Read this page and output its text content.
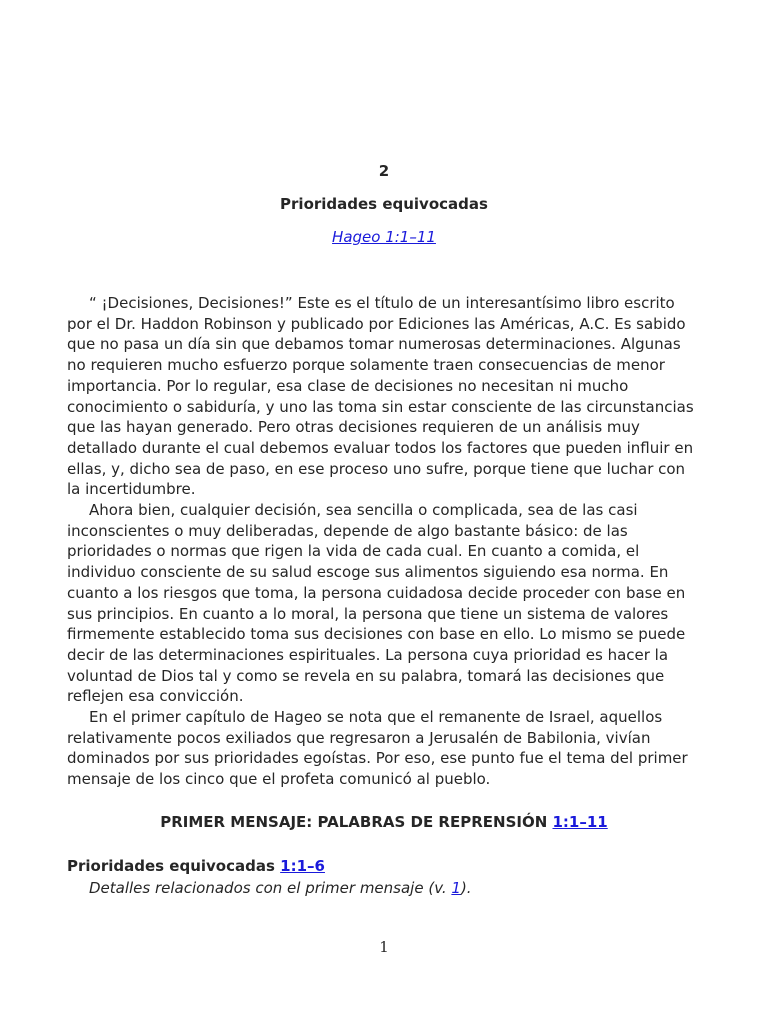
2
Prioridades equivocadas
Hageo 1:1–11

“ ¡Decisiones, Decisiones!” Este es el título de un interesantísimo libro escrito por el Dr. Haddon Robinson y publicado por Ediciones las Américas, A.C. Es sabido que no pasa un día sin que debamos tomar numerosas determinaciones. Algunas no requieren mucho esfuerzo porque solamente traen consecuencias de menor importancia. Por lo regular, esa clase de decisiones no necesitan ni mucho conocimiento o sabiduría, y uno las toma sin estar consciente de las circunstancias que las hayan generado. Pero otras decisiones requieren de un análisis muy detallado durante el cual debemos evaluar todos los factores que pueden influir en ellas, y, dicho sea de paso, en ese proceso uno sufre, porque tiene que luchar con la incertidumbre.

Ahora bien, cualquier decisión, sea sencilla o complicada, sea de las casi inconscientes o muy deliberadas, depende de algo bastante básico: de las prioridades o normas que rigen la vida de cada cual. En cuanto a comida, el individuo consciente de su salud escoge sus alimentos siguiendo esa norma. En cuanto a los riesgos que toma, la persona cuidadosa decide proceder con base en sus principios. En cuanto a lo moral, la persona que tiene un sistema de valores firmemente establecido toma sus decisiones con base en ello. Lo mismo se puede decir de las determinaciones espirituales. La persona cuya prioridad es hacer la voluntad de Dios tal y como se revela en su palabra, tomará las decisiones que reflejen esa convicción.

En el primer capítulo de Hageo se nota que el remanente de Israel, aquellos relativamente pocos exiliados que regresaron a Jerusalén de Babilonia, vivían dominados por sus prioridades egoístas. Por eso, ese punto fue el tema del primer mensaje de los cinco que el profeta comunicó al pueblo.

PRIMER MENSAJE: PALABRAS DE REPRENSIÓN 1:1–11
Prioridades equivocadas 1:1–6
Detalles relacionados con el primer mensaje (v. 1).
1
